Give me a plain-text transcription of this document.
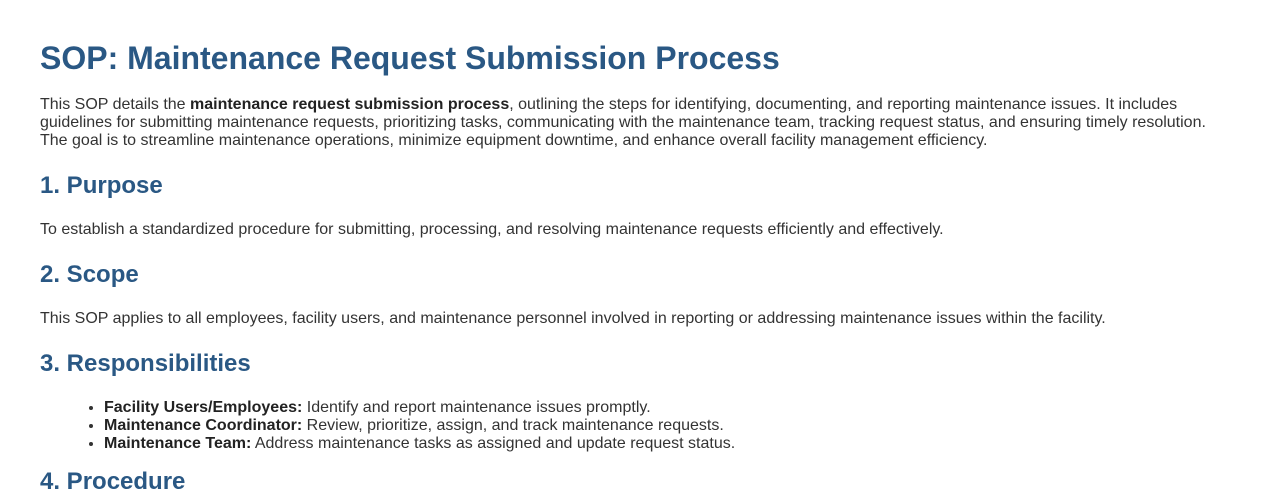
SOP: Maintenance Request Submission Process

This SOP details the maintenance request submission process, outlining the steps for identifying, documenting, and reporting maintenance issues. It includes guidelines for submitting maintenance requests, prioritizing tasks, communicating with the maintenance team, tracking request status, and ensuring timely resolution. The goal is to streamline maintenance operations, minimize equipment downtime, and enhance overall facility management efficiency.

1. Purpose

To establish a standardized procedure for submitting, processing, and resolving maintenance requests efficiently and effectively.

2. Scope

This SOP applies to all employees, facility users, and maintenance personnel involved in reporting or addressing maintenance issues within the facility.

3. Responsibilities
• Facility Users/Employees: Identify and report maintenance issues promptly.
• Maintenance Coordinator: Review, prioritize, assign, and track maintenance requests.
• Maintenance Team: Address maintenance tasks as assigned and update request status.
4. Procedure
